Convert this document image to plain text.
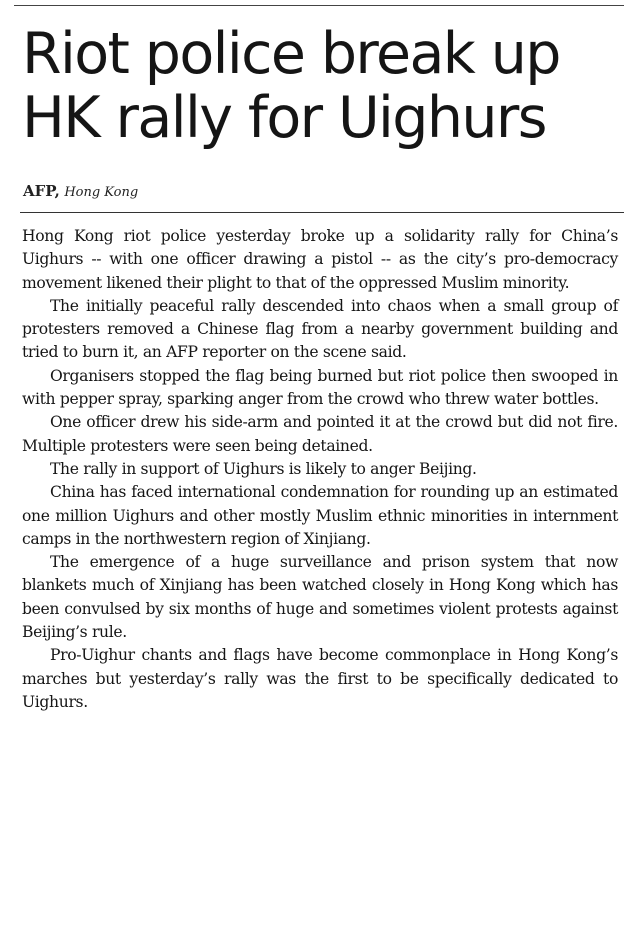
Riot police break up
HK rally for Uighurs
AFP, Hong Kong

Hong Kong riot police yesterday broke up a solidarity rally for China’s Uighurs -- with one officer drawing a pistol -- as the city’s pro-democracy movement likened their plight to that of the oppressed Muslim minority.

The initially peaceful rally descended into chaos when a small group of protesters removed a Chinese flag from a nearby government building and tried to burn it, an AFP reporter on the scene said.

Organisers stopped the flag being burned but riot police then swooped in with pepper spray, sparking anger from the crowd who threw water bottles.

One officer drew his side-arm and pointed it at the crowd but did not fire. Multiple protesters were seen being detained.

The rally in support of Uighurs is likely to anger Beijing.

China has faced international condemnation for rounding up an estimated one million Uighurs and other mostly Muslim ethnic minorities in internment camps in the northwestern region of Xinjiang.

The emergence of a huge surveillance and prison system that now blankets much of Xinjiang has been watched closely in Hong Kong which has been convulsed by six months of huge and sometimes violent protests against Beijing’s rule.

Pro-Uighur chants and flags have become commonplace in Hong Kong’s marches but yesterday’s rally was the first to be specifically dedicated to Uighurs.
